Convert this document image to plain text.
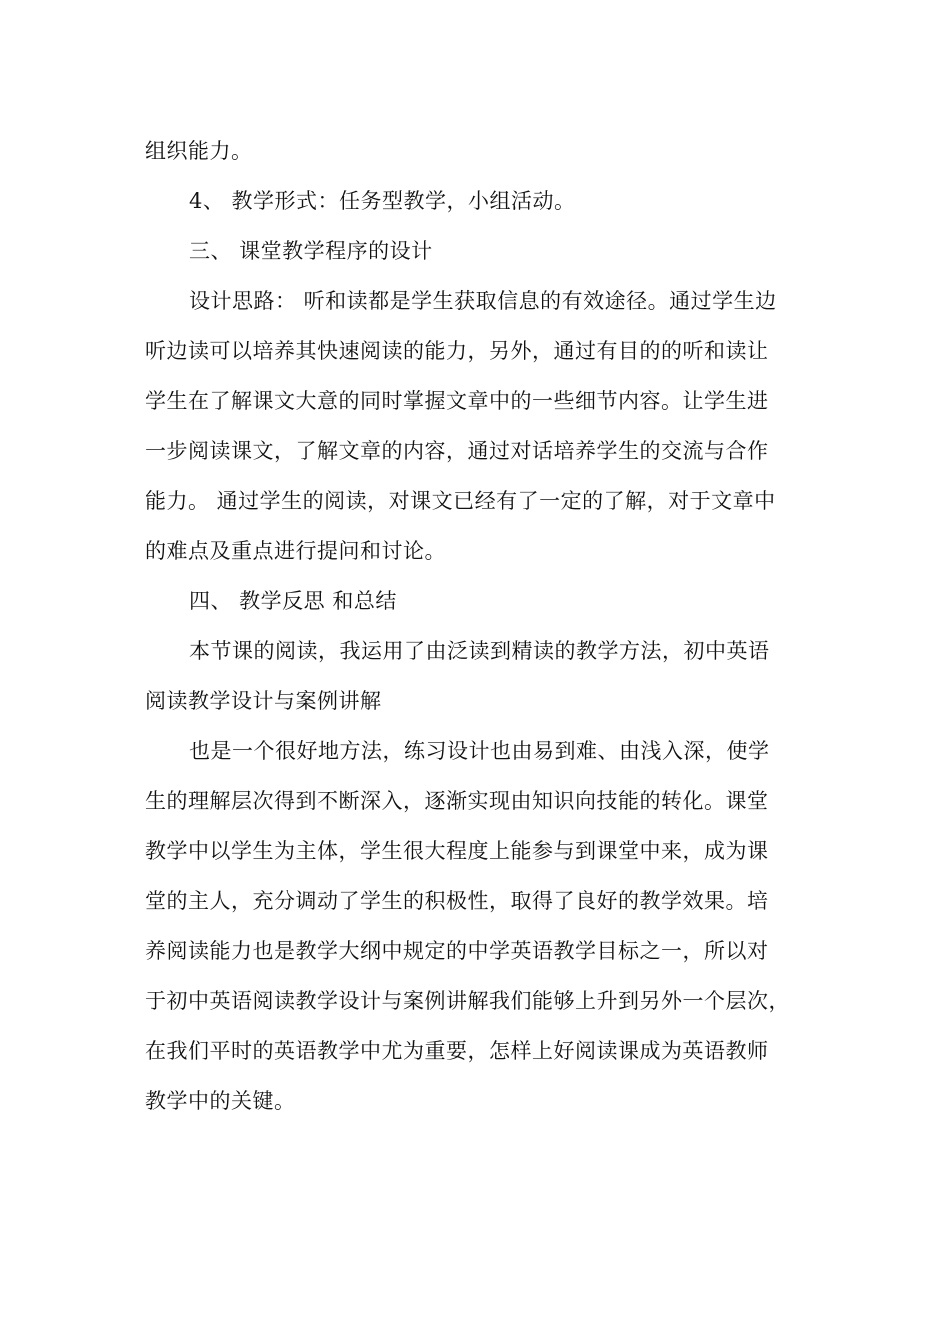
组织能力。
4、 教学形式：任务型教学，小组活动。
三、 课堂教学程序的设计
设计思路： 听和读都是学生获取信息的有效途径。通过学生边
听边读可以培养其快速阅读的能力，另外，通过有目的的听和读让
学生在了解课文大意的同时掌握文章中的一些细节内容。让学生进
一步阅读课文，了解文章的内容，通过对话培养学生的交流与合作
能力。 通过学生的阅读，对课文已经有了一定的了解，对于文章中
的难点及重点进行提问和讨论。
四、 教学反思 和总结
本节课的阅读，我运用了由泛读到精读的教学方法，初中英语
阅读教学设计与案例讲解
也是一个很好地方法，练习设计也由易到难、由浅入深，使学
生的理解层次得到不断深入，逐渐实现由知识向技能的转化。课堂
教学中以学生为主体，学生很大程度上能参与到课堂中来，成为课
堂的主人，充分调动了学生的积极性，取得了良好的教学效果。培
养阅读能力也是教学大纲中规定的中学英语教学目标之一，所以对
于初中英语阅读教学设计与案例讲解我们能够上升到另外一个层次，
在我们平时的英语教学中尤为重要，怎样上好阅读课成为英语教师
教学中的关键。
